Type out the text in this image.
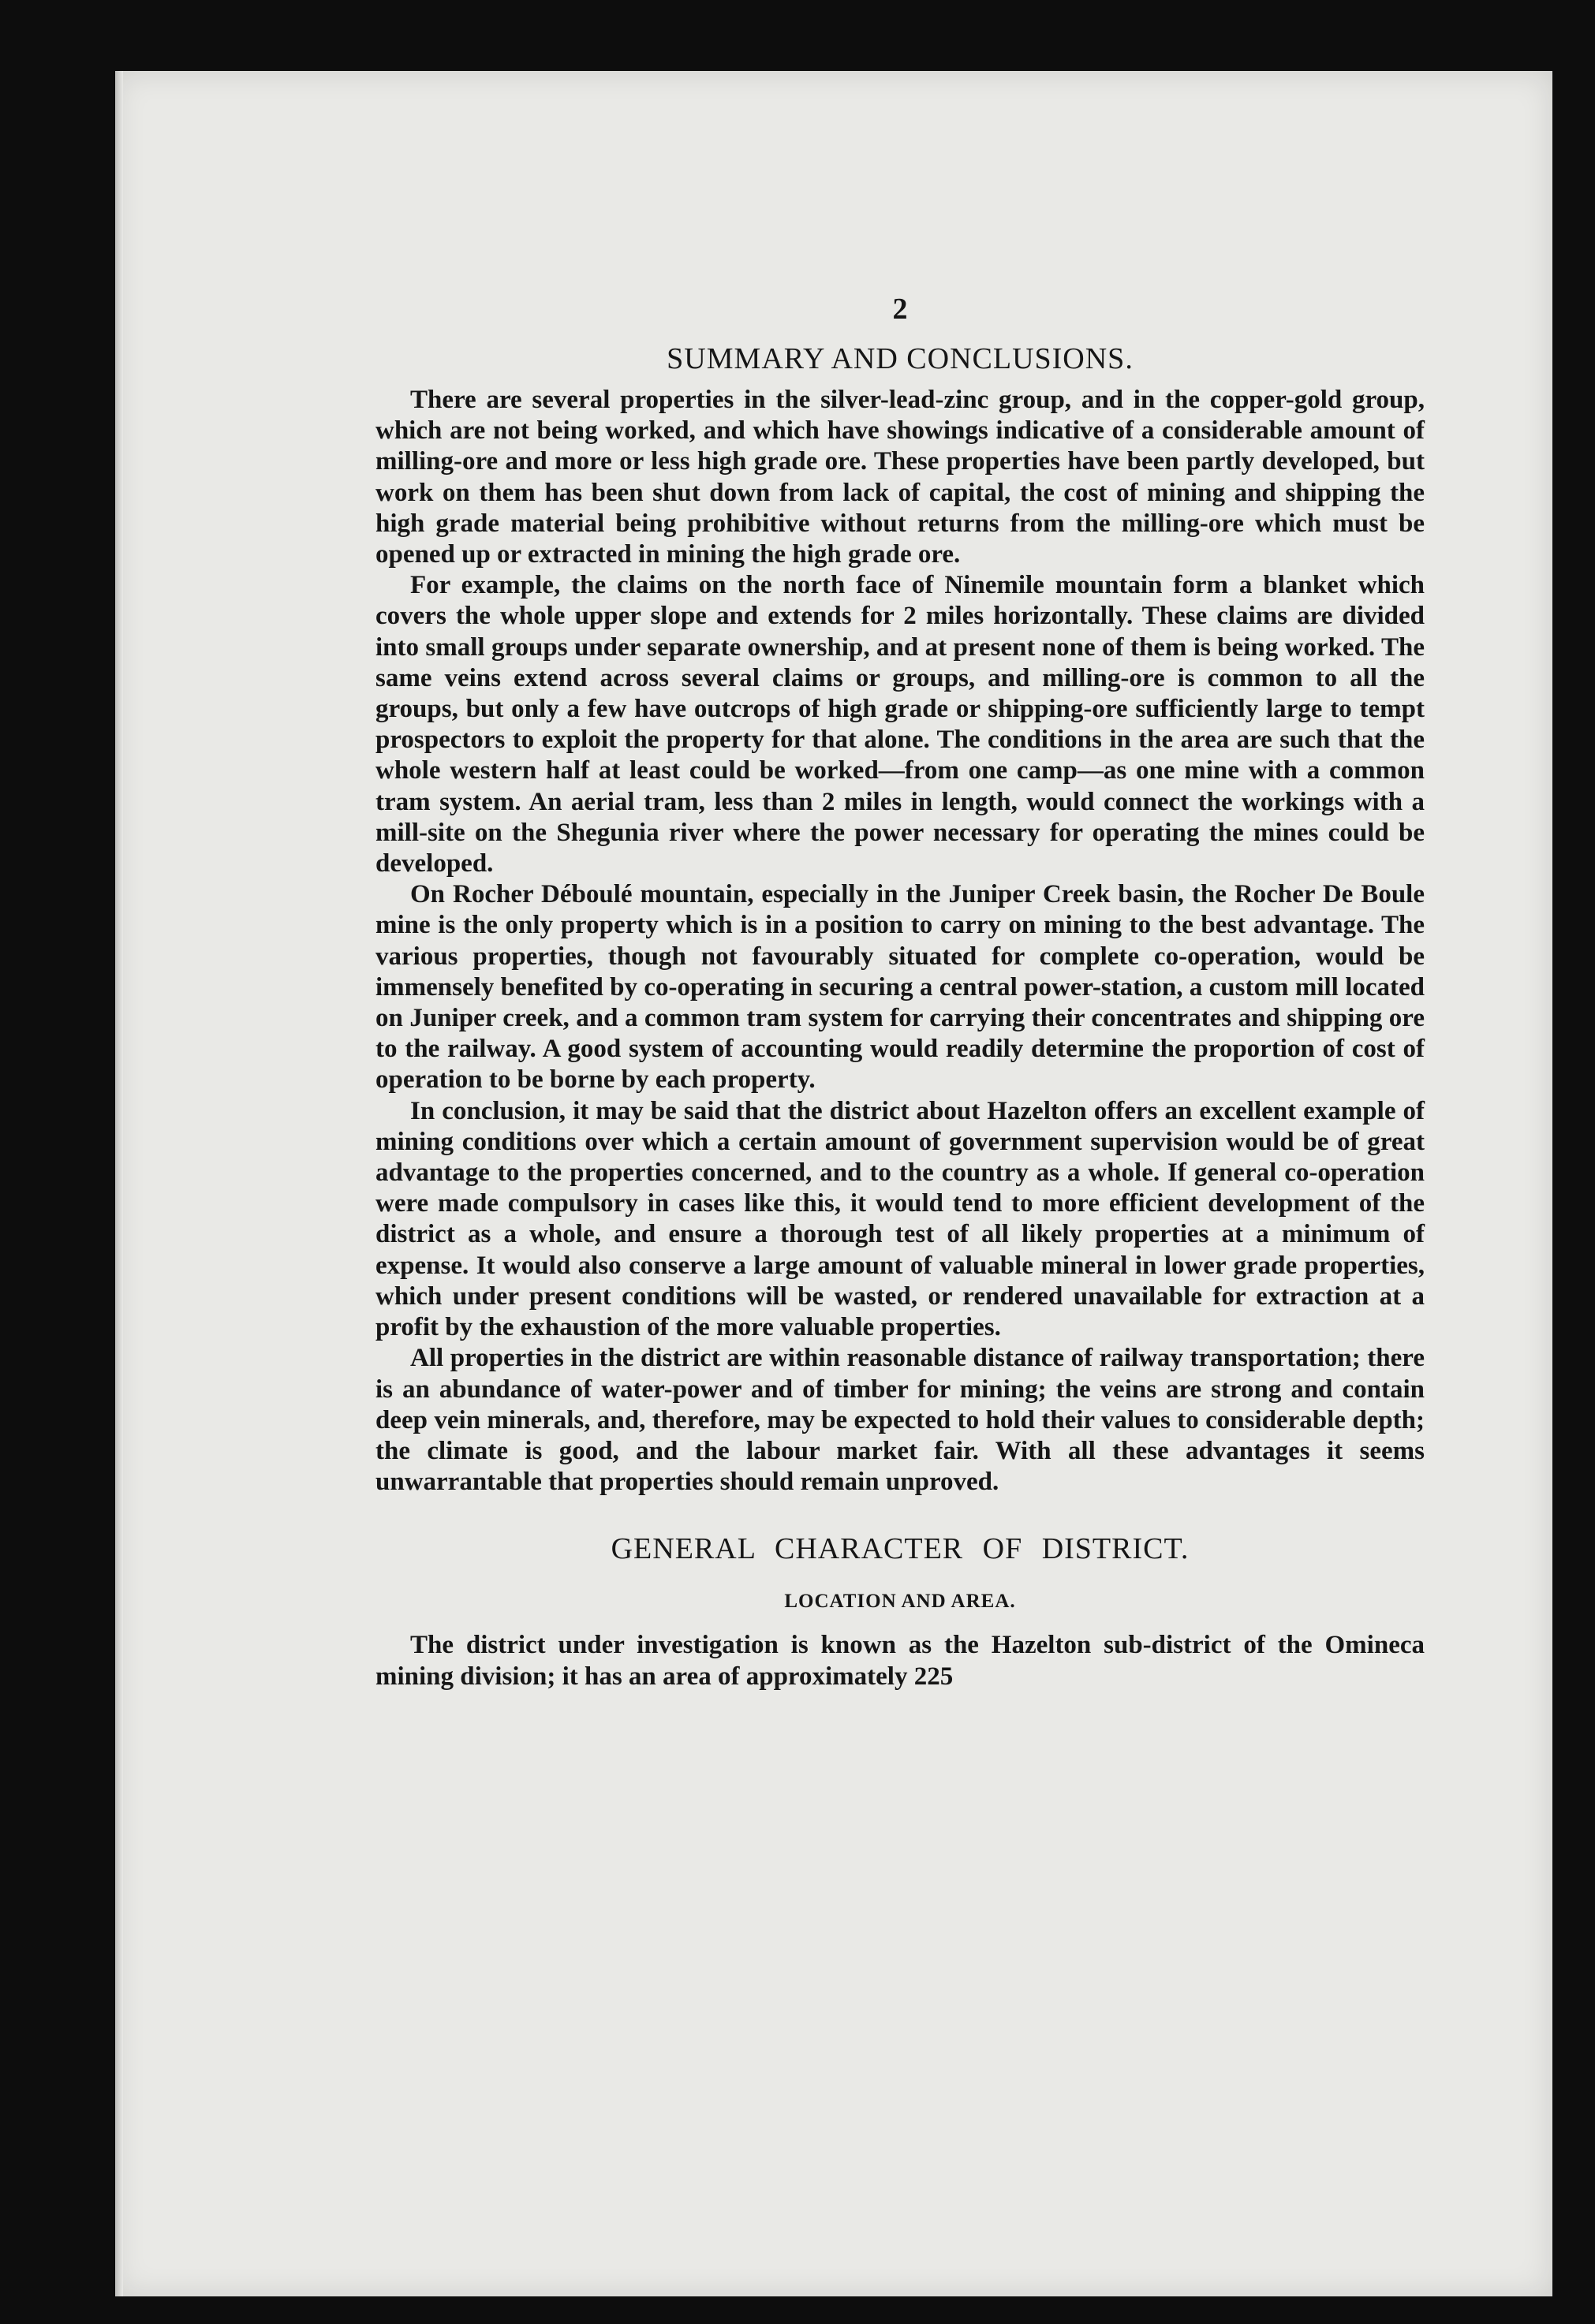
2
SUMMARY AND CONCLUSIONS.

There are several properties in the silver-lead-zinc group, and in the copper-gold group, which are not being worked, and which have showings indicative of a considerable amount of milling-ore and more or less high grade ore. These properties have been partly developed, but work on them has been shut down from lack of capital, the cost of mining and shipping the high grade material being prohibitive without returns from the milling-ore which must be opened up or extracted in mining the high grade ore.

For example, the claims on the north face of Ninemile mountain form a blanket which covers the whole upper slope and extends for 2 miles horizontally. These claims are divided into small groups under separate ownership, and at present none of them is being worked. The same veins extend across several claims or groups, and milling-ore is common to all the groups, but only a few have outcrops of high grade or shipping-ore sufficiently large to tempt prospectors to exploit the property for that alone. The conditions in the area are such that the whole western half at least could be worked—from one camp—as one mine with a common tram system. An aerial tram, less than 2 miles in length, would connect the workings with a mill-site on the Shegunia river where the power necessary for operating the mines could be developed.

On Rocher Déboulé mountain, especially in the Juniper Creek basin, the Rocher De Boule mine is the only property which is in a position to carry on mining to the best advantage. The various properties, though not favourably situated for complete co-operation, would be immensely benefited by co-operating in securing a central power-station, a custom mill located on Juniper creek, and a common tram system for carrying their concentrates and shipping ore to the railway. A good system of accounting would readily determine the proportion of cost of operation to be borne by each property.

In conclusion, it may be said that the district about Hazelton offers an excellent example of mining conditions over which a certain amount of government supervision would be of great advantage to the properties concerned, and to the country as a whole. If general co-operation were made compulsory in cases like this, it would tend to more efficient development of the district as a whole, and ensure a thorough test of all likely properties at a minimum of expense. It would also conserve a large amount of valuable mineral in lower grade properties, which under present conditions will be wasted, or rendered unavailable for extraction at a profit by the exhaustion of the more valuable properties.

All properties in the district are within reasonable distance of railway transportation; there is an abundance of water-power and of timber for mining; the veins are strong and contain deep vein minerals, and, therefore, may be expected to hold their values to considerable depth; the climate is good, and the labour market fair. With all these advantages it seems unwarrantable that properties should remain unproved.

GENERAL CHARACTER OF DISTRICT.
LOCATION AND AREA.

The district under investigation is known as the Hazelton sub-district of the Omineca mining division; it has an area of approximately 225
